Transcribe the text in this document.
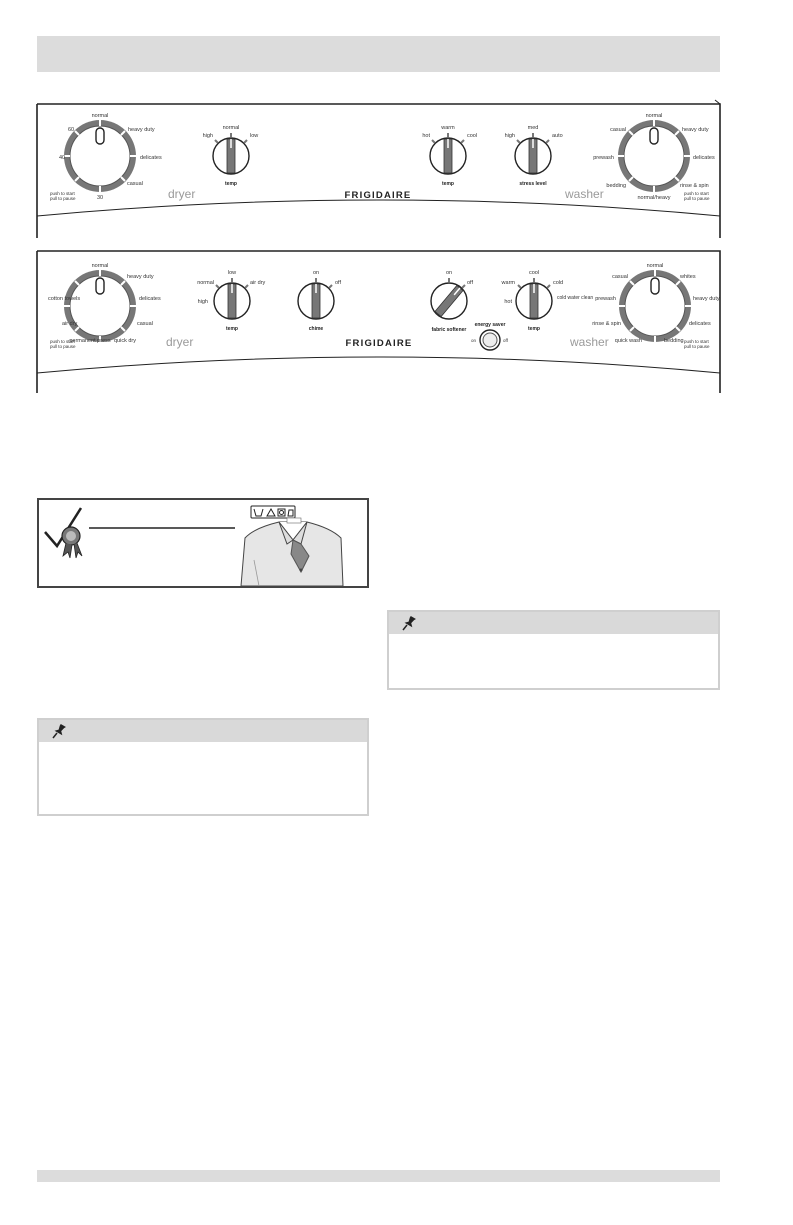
normal
heavy duty
delicates
casual
30
40
60
push to start
pull to pause
normal
high	low
temp
warm
hot	cool
temp
med
high	auto
stress level
normal
casual	heavy duty
prewash	delicates
bedding	rinse & spin
normal/heavy
push to start
pull to pause
dryer	washer
FRIGIDAIRE
normal
heavy duty
delicates
casual
quick dry
permanent press
cotton towels
air dry
push to start
pull to pause
low
normal
high
air dry
temp
on
off
chime
on
off
fabric softener
energy saver
on	off
cool
warm	cold
hot
cold water clean
temp
normal
casual	whites
prewash	heavy duty
rinse & spin	delicates
quick wash	bedding push to start
pull to pause
dryer	washer
FRIGIDAIRE
